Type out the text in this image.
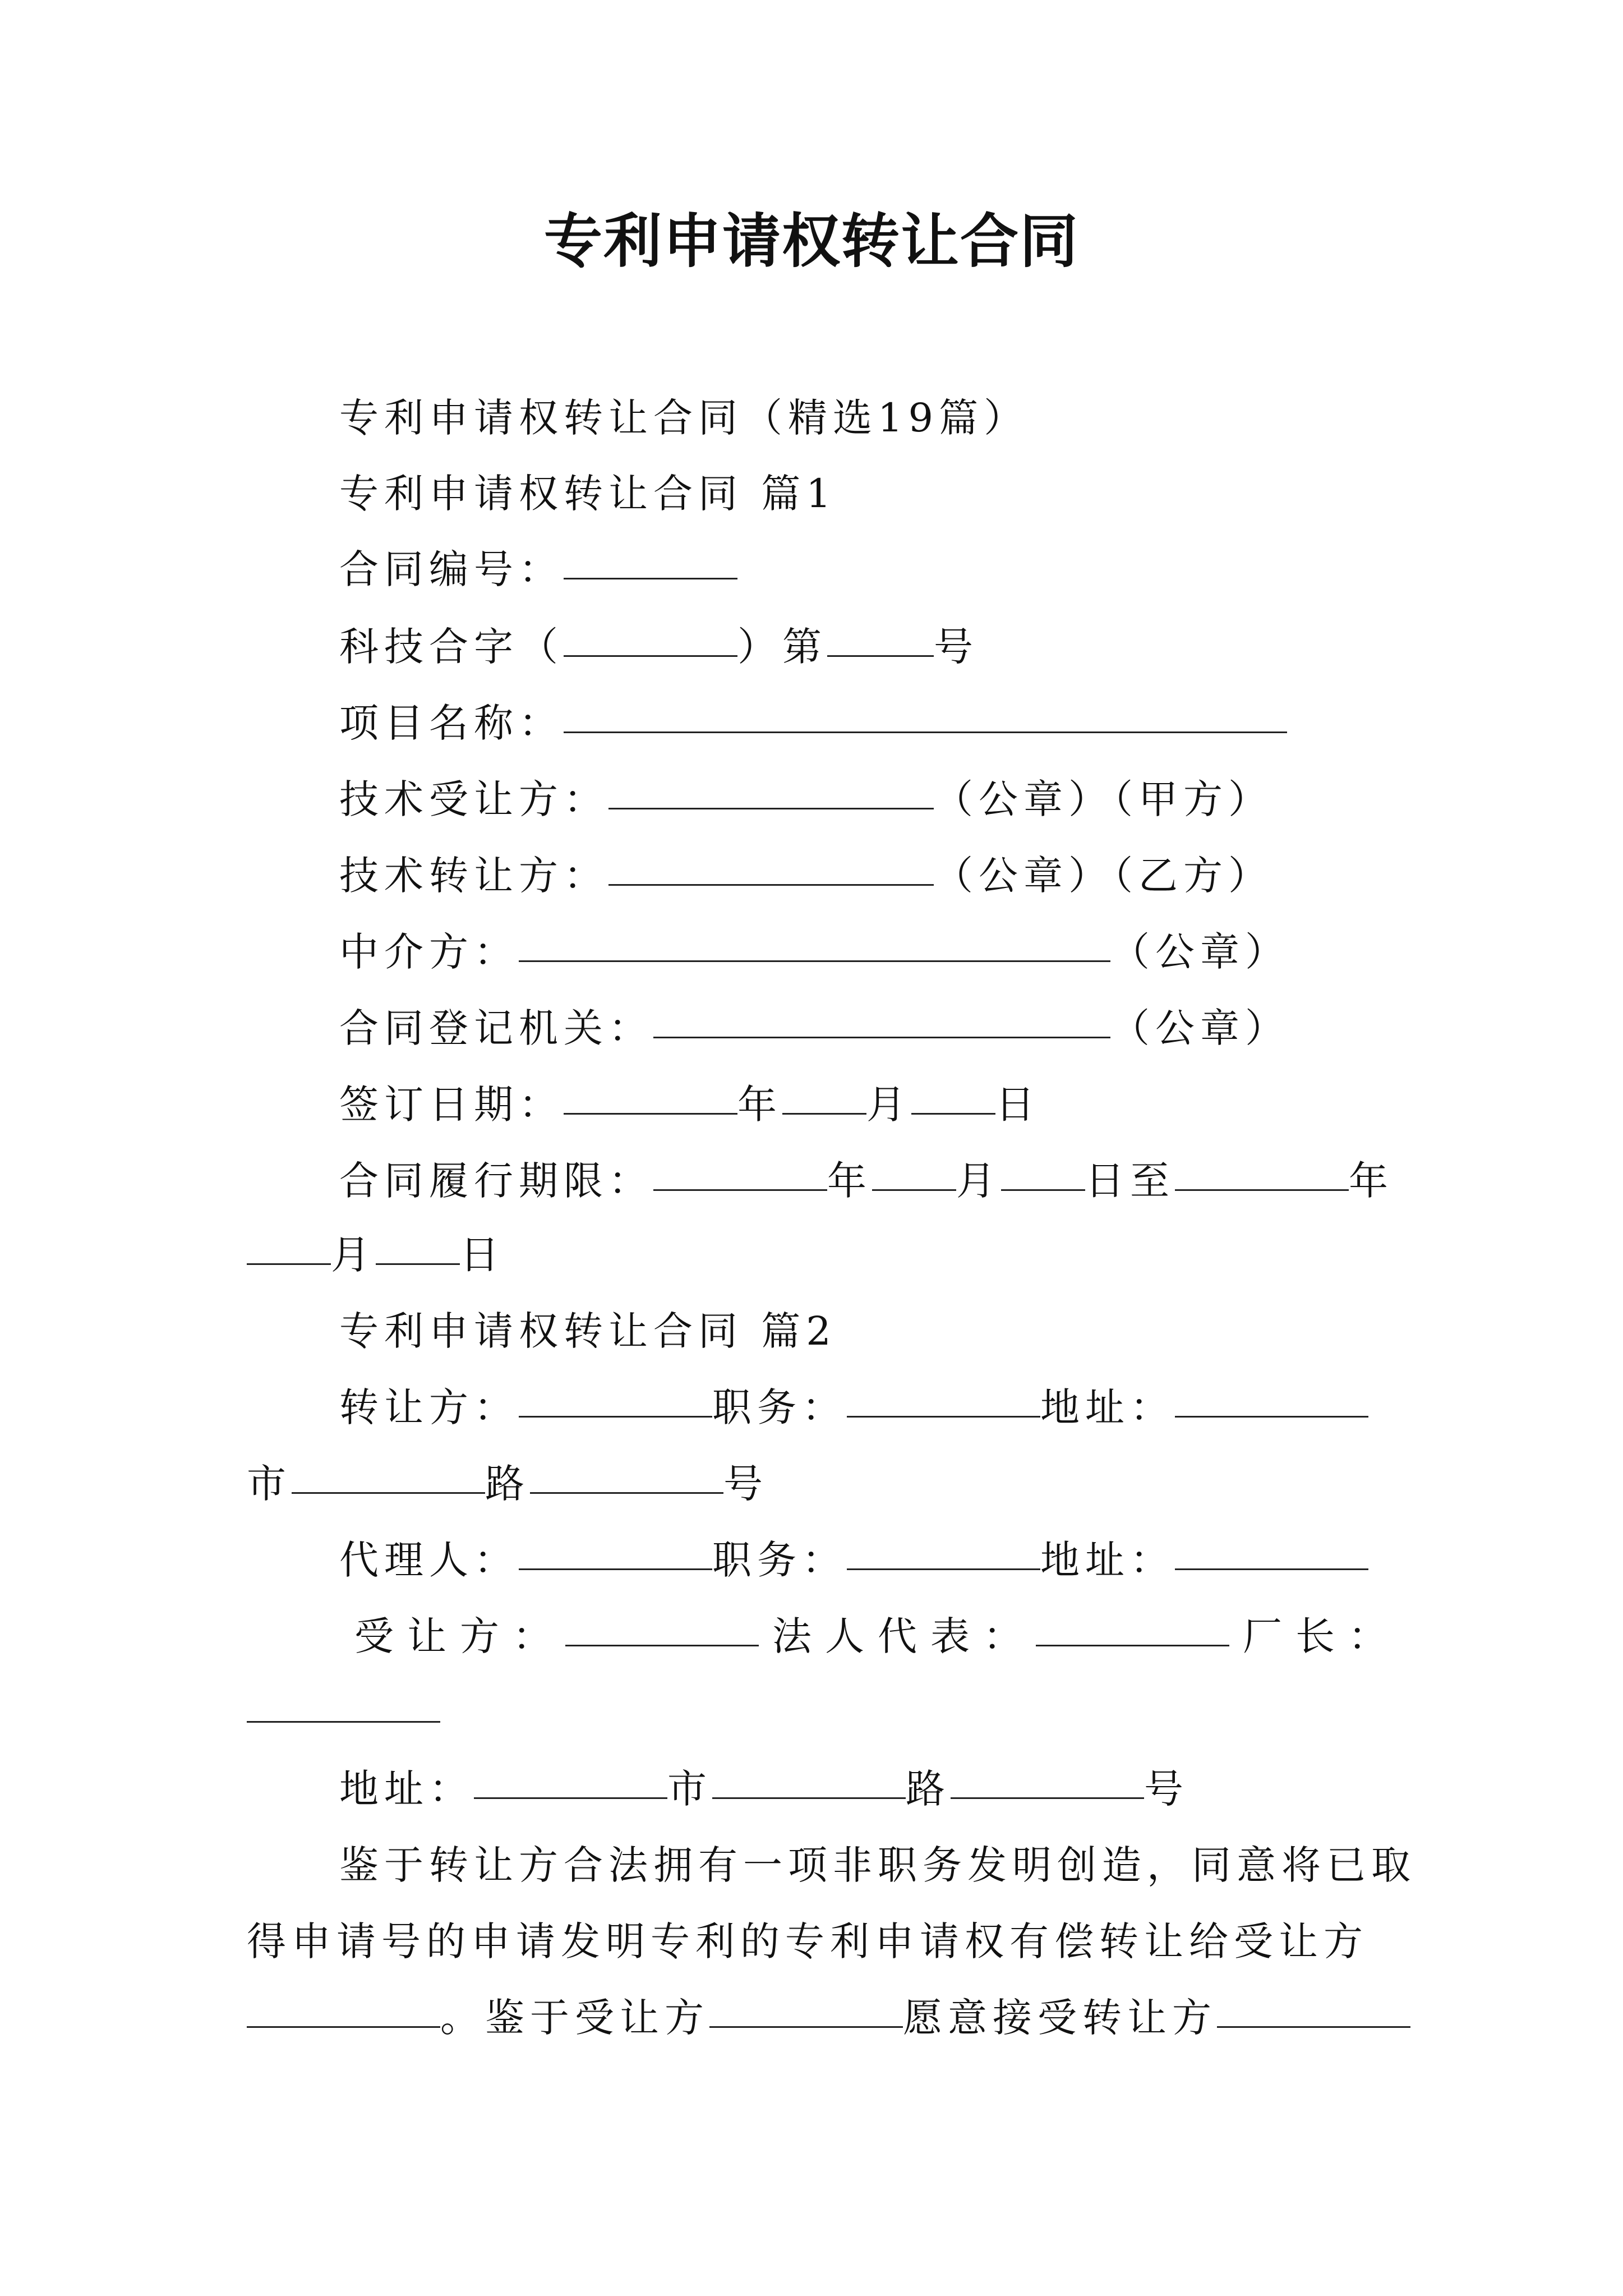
专利申请权转让合同
专利申请权转让合同（精选19篇）
专利申请权转让合同 篇1
合同编号：
科技合字（	）第	号
项目名称：
技术受让方：	（公章）（甲方）
技术转让方：	（公章）（乙方）
中介方：	（公章）
合同登记机关：	（公章）
签订日期：	年 月 日
合同履行期限：	年 月 日至	年
月 日
专利申请权转让合同 篇2
转让方：	职务：	地址：
市	路	号
代理人：	职务：	地址：
受让方：	法人代表：	厂长：
地址：	市	路	号
鉴于转让方合法拥有一项非职务发明创造，同意将已取
得申请号的申请发明专利的专利申请权有偿转让给受让方
。鉴于受让方	愿意接受转让方
